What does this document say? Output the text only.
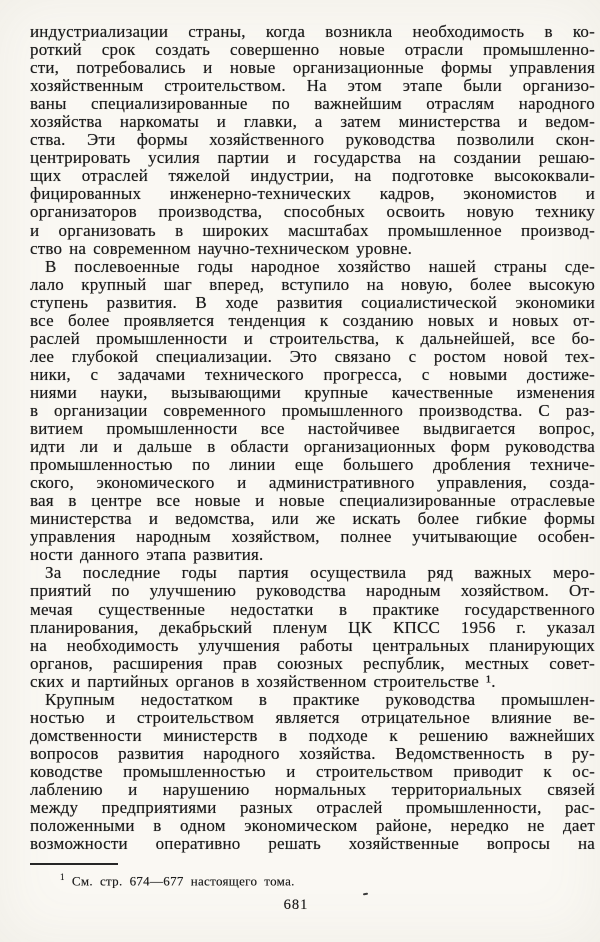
индустриализации страны, когда возникла необходимость в ко-
роткий срок создать совершенно новые отрасли промышленно-
сти, потребовались и новые организационные формы управления
хозяйственным строительством. На этом этапе были организо-
ваны специализированные по важнейшим отраслям народного
хозяйства наркоматы и главки, а затем министерства и ведом-
ства. Эти формы хозяйственного руководства позволили скон-
центрировать усилия партии и государства на создании решаю-
щих отраслей тяжелой индустрии, на подготовке высококвали-
фицированных инженерно-технических кадров, экономистов и
организаторов производства, способных освоить новую технику
и организовать в широких масштабах промышленное производ-
ство на современном научно-техническом уровне.
В послевоенные годы народное хозяйство нашей страны сде-
лало крупный шаг вперед, вступило на новую, более высокую
ступень развития. В ходе развития социалистической экономики
все более проявляется тенденция к созданию новых и новых от-
раслей промышленности и строительства, к дальнейшей, все бо-
лее глубокой специализации. Это связано с ростом новой тех-
ники, с задачами технического прогресса, с новыми достиже-
ниями науки, вызывающими крупные качественные изменения
в организации современного промышленного производства. С раз-
витием промышленности все настойчивее выдвигается вопрос,
идти ли и дальше в области организационных форм руководства
промышленностью по линии еще большего дробления техниче-
ского, экономического и административного управления, созда-
вая в центре все новые и новые специализированные отраслевые
министерства и ведомства, или же искать более гибкие формы
управления народным хозяйством, полнее учитывающие особен-
ности данного этапа развития.
За последние годы партия осуществила ряд важных меро-
приятий по улучшению руководства народным хозяйством. От-
мечая существенные недостатки в практике государственного
планирования, декабрьский пленум ЦК КПСС 1956 г. указал
на необходимость улучшения работы центральных планирующих
органов, расширения прав союзных республик, местных совет-
ских и партийных органов в хозяйственном строительстве ¹.
Крупным недостатком в практике руководства промышлен-
ностью и строительством является отрицательное влияние ве-
домственности министерств в подходе к решению важнейших
вопросов развития народного хозяйства. Ведомственность в ру-
ководстве промышленностью и строительством приводит к ос-
лаблению и нарушению нормальных территориальных связей
между предприятиями разных отраслей промышленности, рас-
положенными в одном экономическом районе, нередко не дает
возможности оперативно решать хозяйственные вопросы на
$^1$ См. стр. 674—677 настоящего тома.
681
